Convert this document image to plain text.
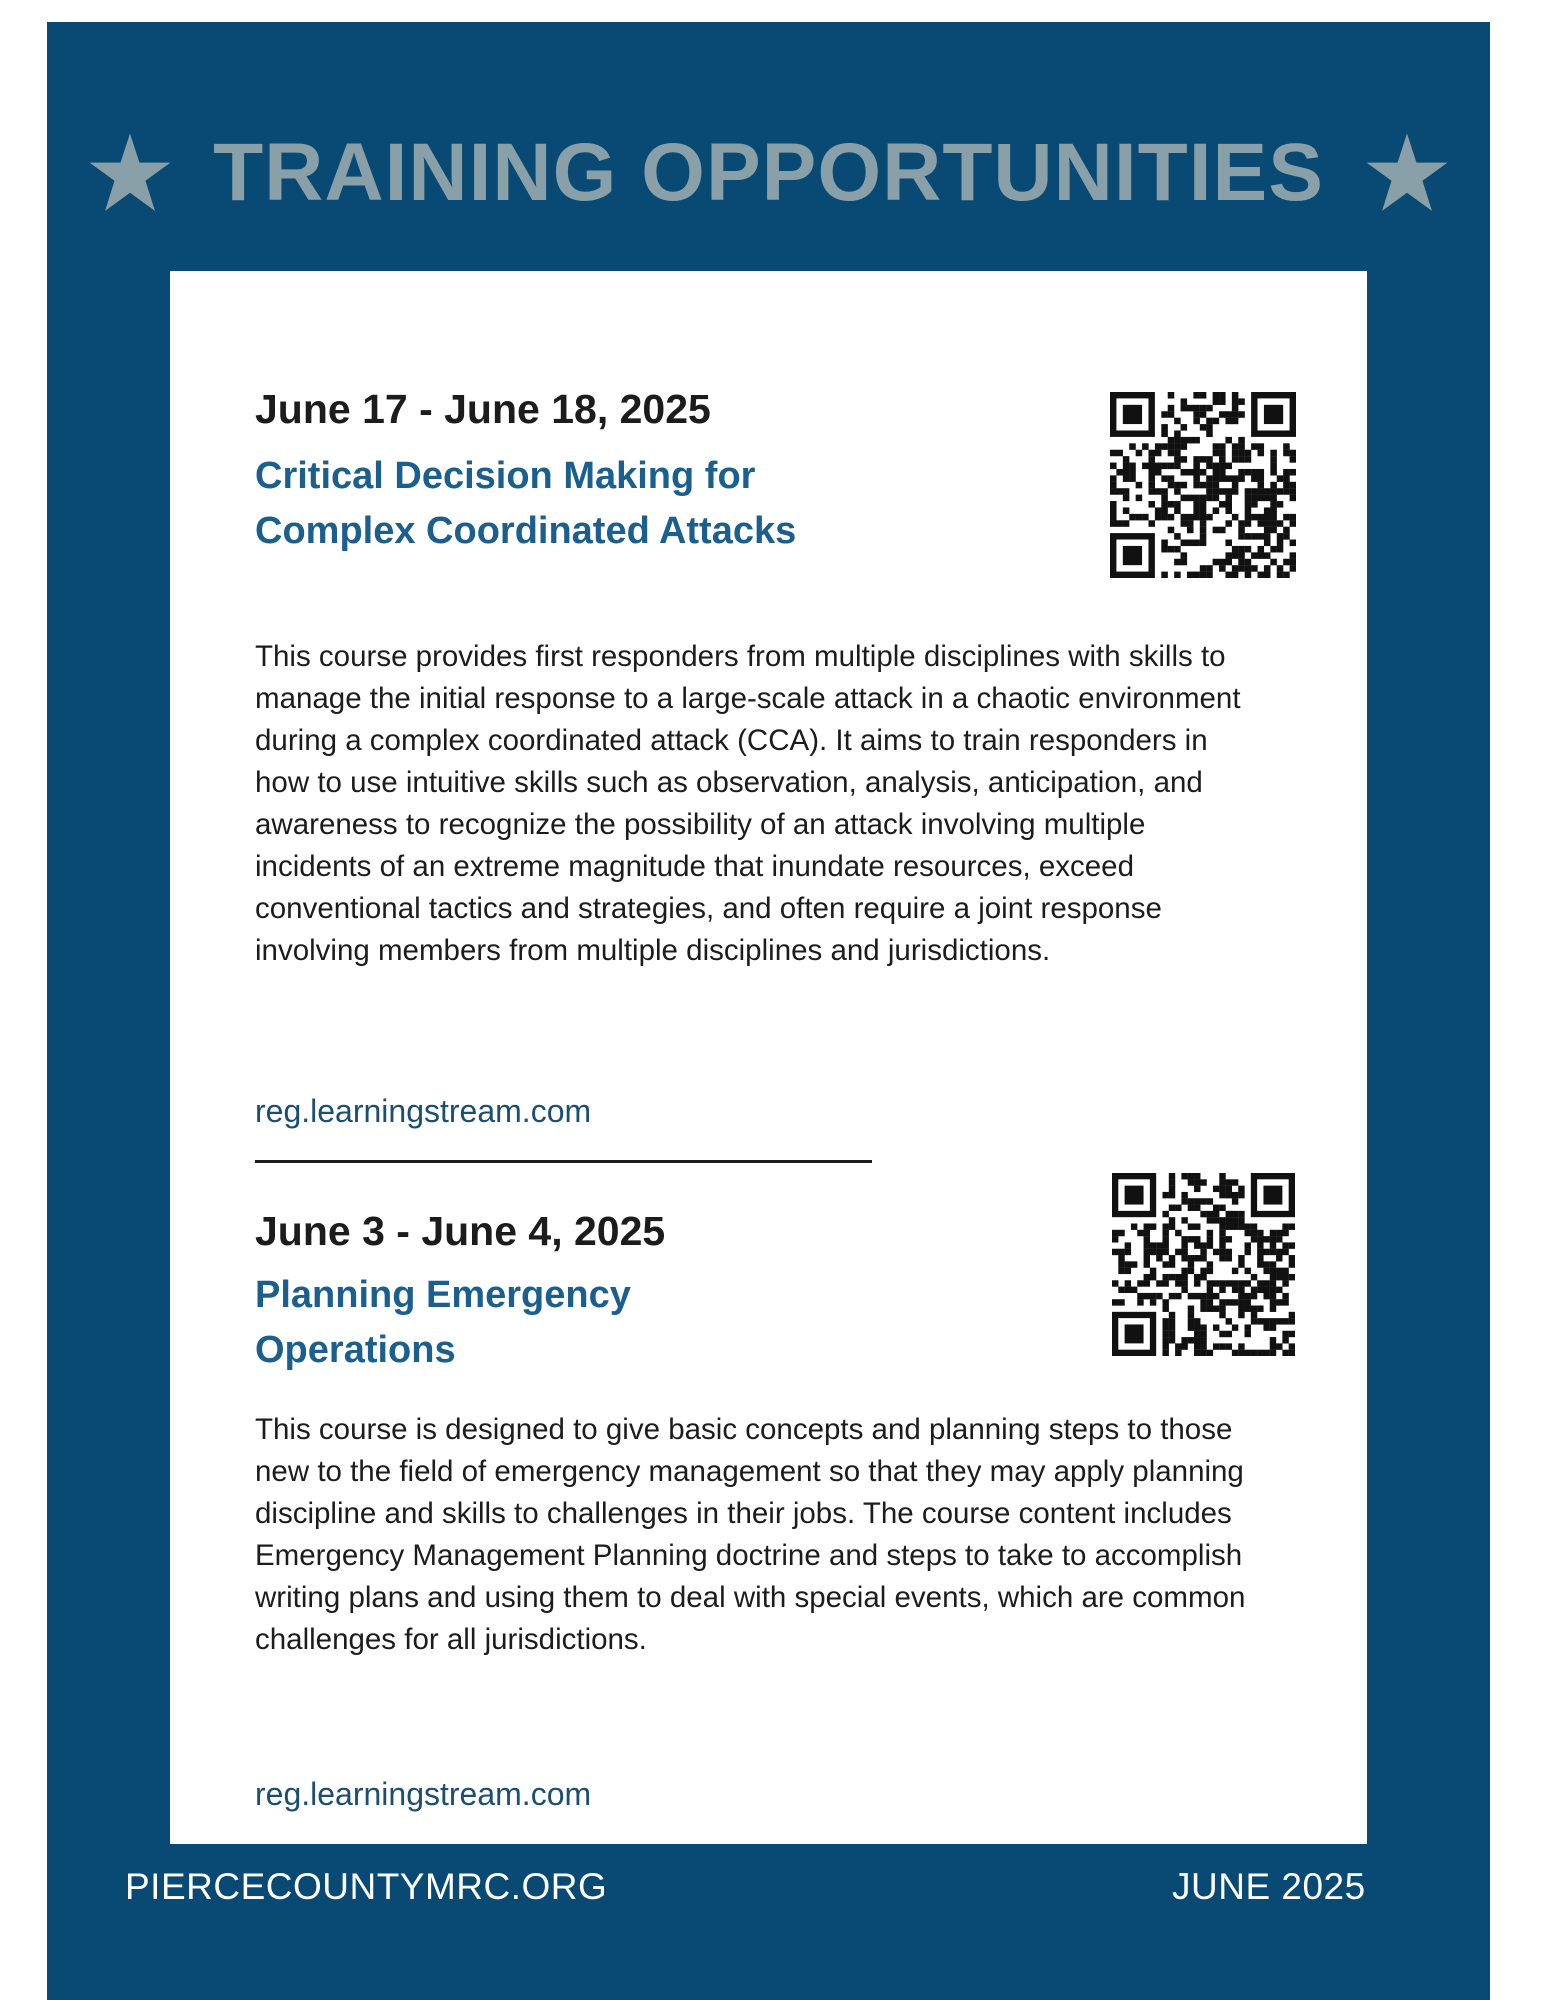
TRAINING OPPORTUNITIES
June 17 - June 18, 2025
Critical Decision Making for Complex Coordinated Attacks
This course provides first responders from multiple disciplines with skills to manage the initial response to a large-scale attack in a chaotic environment during a complex coordinated attack (CCA). It aims to train responders in how to use intuitive skills such as observation, analysis, anticipation, and awareness to recognize the possibility of an attack involving multiple incidents of an extreme magnitude that inundate resources, exceed conventional tactics and strategies, and often require a joint response involving members from multiple disciplines and jurisdictions.
reg.learningstream.com
June 3 - June 4, 2025
Planning Emergency Operations
This course is designed to give basic concepts and planning steps to those new to the field of emergency management so that they may apply planning discipline and skills to challenges in their jobs. The course content includes Emergency Management Planning doctrine and steps to take to accomplish writing plans and using them to deal with special events, which are common challenges for all jurisdictions.
reg.learningstream.com
PIERCECOUNTYMRC.ORG	JUNE 2025
